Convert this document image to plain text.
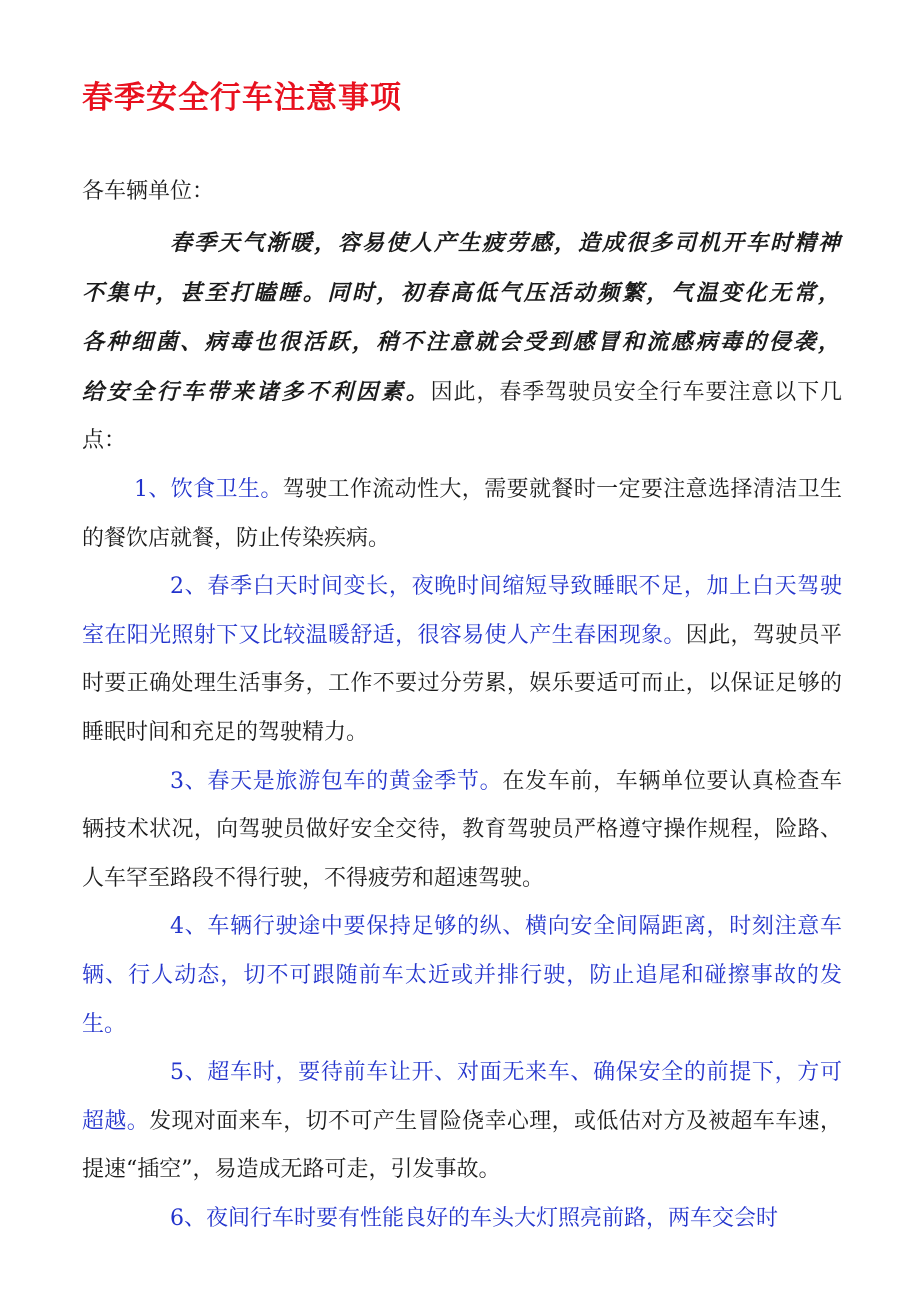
春季安全行车注意事项

各车辆单位：

春季天气渐暖，容易使人产生疲劳感，造成很多司机开车时精神不集中，甚至打瞌睡。同时，初春高低气压活动频繁，气温变化无常，各种细菌、病毒也很活跃，稍不注意就会受到感冒和流感病毒的侵袭，给安全行车带来诸多不利因素。因此，春季驾驶员安全行车要注意以下几点：

1、饮食卫生。驾驶工作流动性大，需要就餐时一定要注意选择清洁卫生的餐饮店就餐，防止传染疾病。

2、春季白天时间变长，夜晚时间缩短导致睡眠不足，加上白天驾驶室在阳光照射下又比较温暖舒适，很容易使人产生春困现象。因此，驾驶员平时要正确处理生活事务，工作不要过分劳累，娱乐要适可而止，以保证足够的睡眠时间和充足的驾驶精力。

3、春天是旅游包车的黄金季节。在发车前，车辆单位要认真检查车辆技术状况，向驾驶员做好安全交待，教育驾驶员严格遵守操作规程，险路、人车罕至路段不得行驶，不得疲劳和超速驾驶。

4、车辆行驶途中要保持足够的纵、横向安全间隔距离，时刻注意车辆、行人动态，切不可跟随前车太近或并排行驶，防止追尾和碰擦事故的发生。

5、超车时，要待前车让开、对面无来车、确保安全的前提下，方可超越。发现对面来车，切不可产生冒险侥幸心理，或低估对方及被超车车速，提速“插空”，易造成无路可走，引发事故。

6、夜间行车时要有性能良好的车头大灯照亮前路，两车交会时
